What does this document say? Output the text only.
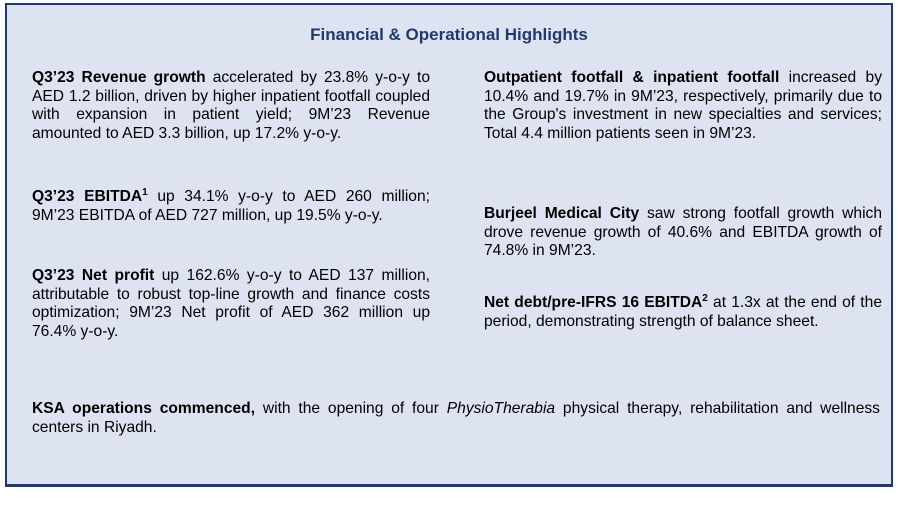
Financial & Operational Highlights

Q3’23 Revenue growth accelerated by 23.8% y-o-y to AED 1.2 billion, driven by higher inpatient footfall coupled with expansion in patient yield; 9M’23 Revenue amounted to AED 3.3 billion, up 17.2% y-o-y.

Q3’23 EBITDA$^1$ up 34.1% y-o-y to AED 260 million; 9M’23 EBITDA of AED 727 million, up 19.5% y-o-y.

Q3’23 Net profit up 162.6% y-o-y to AED 137 million, attributable to robust top-line growth and finance costs optimization; 9M’23 Net profit of AED 362 million up 76.4% y-o-y.

Outpatient footfall & inpatient footfall increased by 10.4% and 19.7% in 9M’23, respectively, primarily due to the Group's investment in new specialties and services; Total 4.4 million patients seen in 9M’23.

Burjeel Medical City saw strong footfall growth which drove revenue growth of 40.6% and EBITDA growth of 74.8% in 9M’23.

Net debt/pre-IFRS 16 EBITDA$^2$ at 1.3x at the end of the period, demonstrating strength of balance sheet.

KSA operations commenced, with the opening of four PhysioTherabia physical therapy, rehabilitation and wellness centers in Riyadh.
